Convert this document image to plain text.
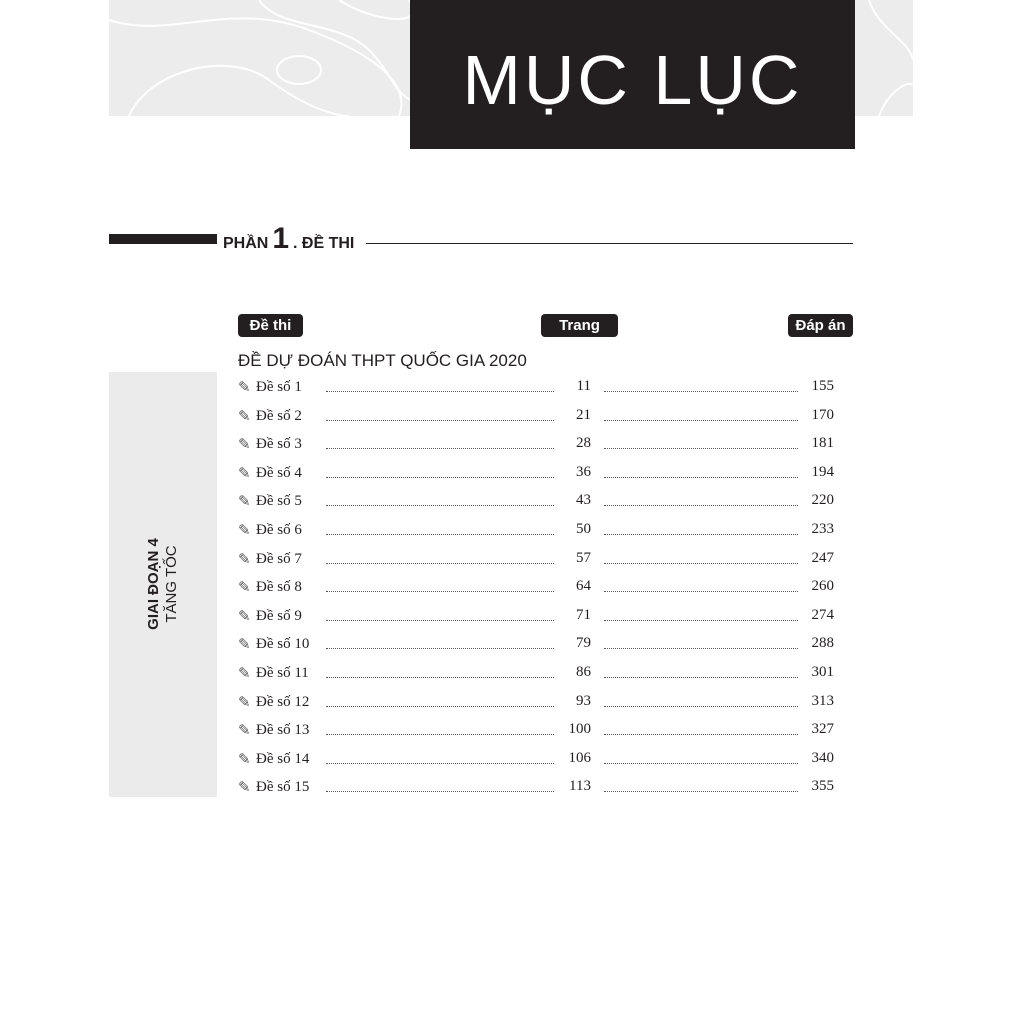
MỤC LỤC
PHẦN 1 . ĐỀ THI
Đề thi	Trang	Đáp án
ĐỀ DỰ ĐOÁN THPT QUỐC GIA 2020
GIAI ĐOẠN 4 TĂNG TỐC
✎ Đề số 1	11	155
✎ Đề số 2	21	170
✎ Đề số 3	28	181
✎ Đề số 4	36	194
✎ Đề số 5	43	220
✎ Đề số 6	50	233
✎ Đề số 7	57	247
✎ Đề số 8	64	260
✎ Đề số 9	71	274
✎ Đề số 10	79	288
✎ Đề số 11	86	301
✎ Đề số 12	93	313
✎ Đề số 13	100	327
✎ Đề số 14	106	340
✎ Đề số 15	113	355
